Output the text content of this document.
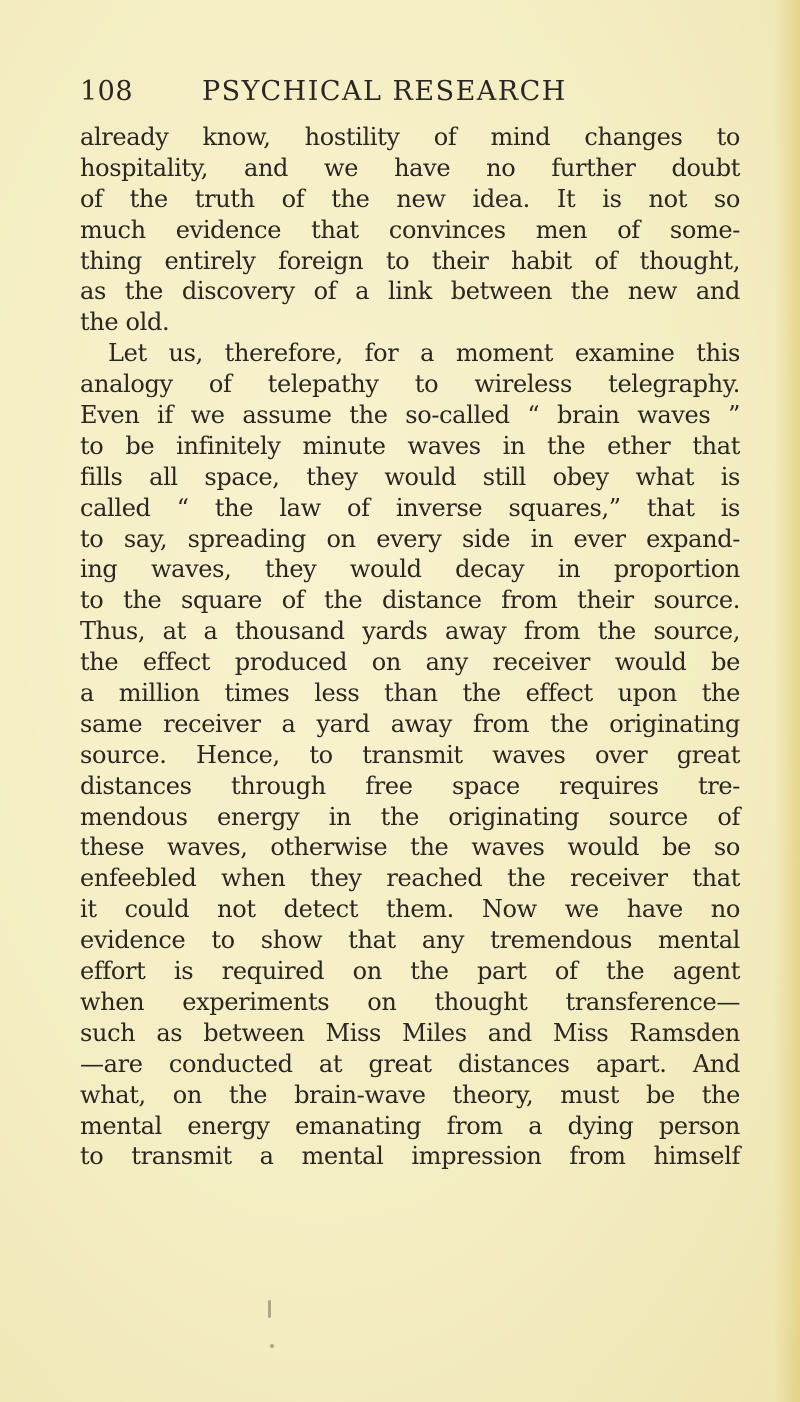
108	PSYCHICAL RESEARCH
already know, hostility of mind changes to
hospitality, and we have no further doubt
of the truth of the new idea. It is not so
much evidence that convinces men of some-
thing entirely foreign to their habit of thought,
as the discovery of a link between the new and
the old.
Let us, therefore, for a moment examine this
analogy of telepathy to wireless telegraphy.
Even if we assume the so-called “ brain waves ”
to be infinitely minute waves in the ether that
fills all space, they would still obey what is
called “ the law of inverse squares,” that is
to say, spreading on every side in ever expand-
ing waves, they would decay in proportion
to the square of the distance from their source.
Thus, at a thousand yards away from the source,
the effect produced on any receiver would be
a million times less than the effect upon the
same receiver a yard away from the originating
source. Hence, to transmit waves over great
distances through free space requires tre-
mendous energy in the originating source of
these waves, otherwise the waves would be so
enfeebled when they reached the receiver that
it could not detect them. Now we have no
evidence to show that any tremendous mental
effort is required on the part of the agent
when experiments on thought transference—
such as between Miss Miles and Miss Ramsden
—are conducted at great distances apart. And
what, on the brain-wave theory, must be the
mental energy emanating from a dying person
to transmit a mental impression from himself
